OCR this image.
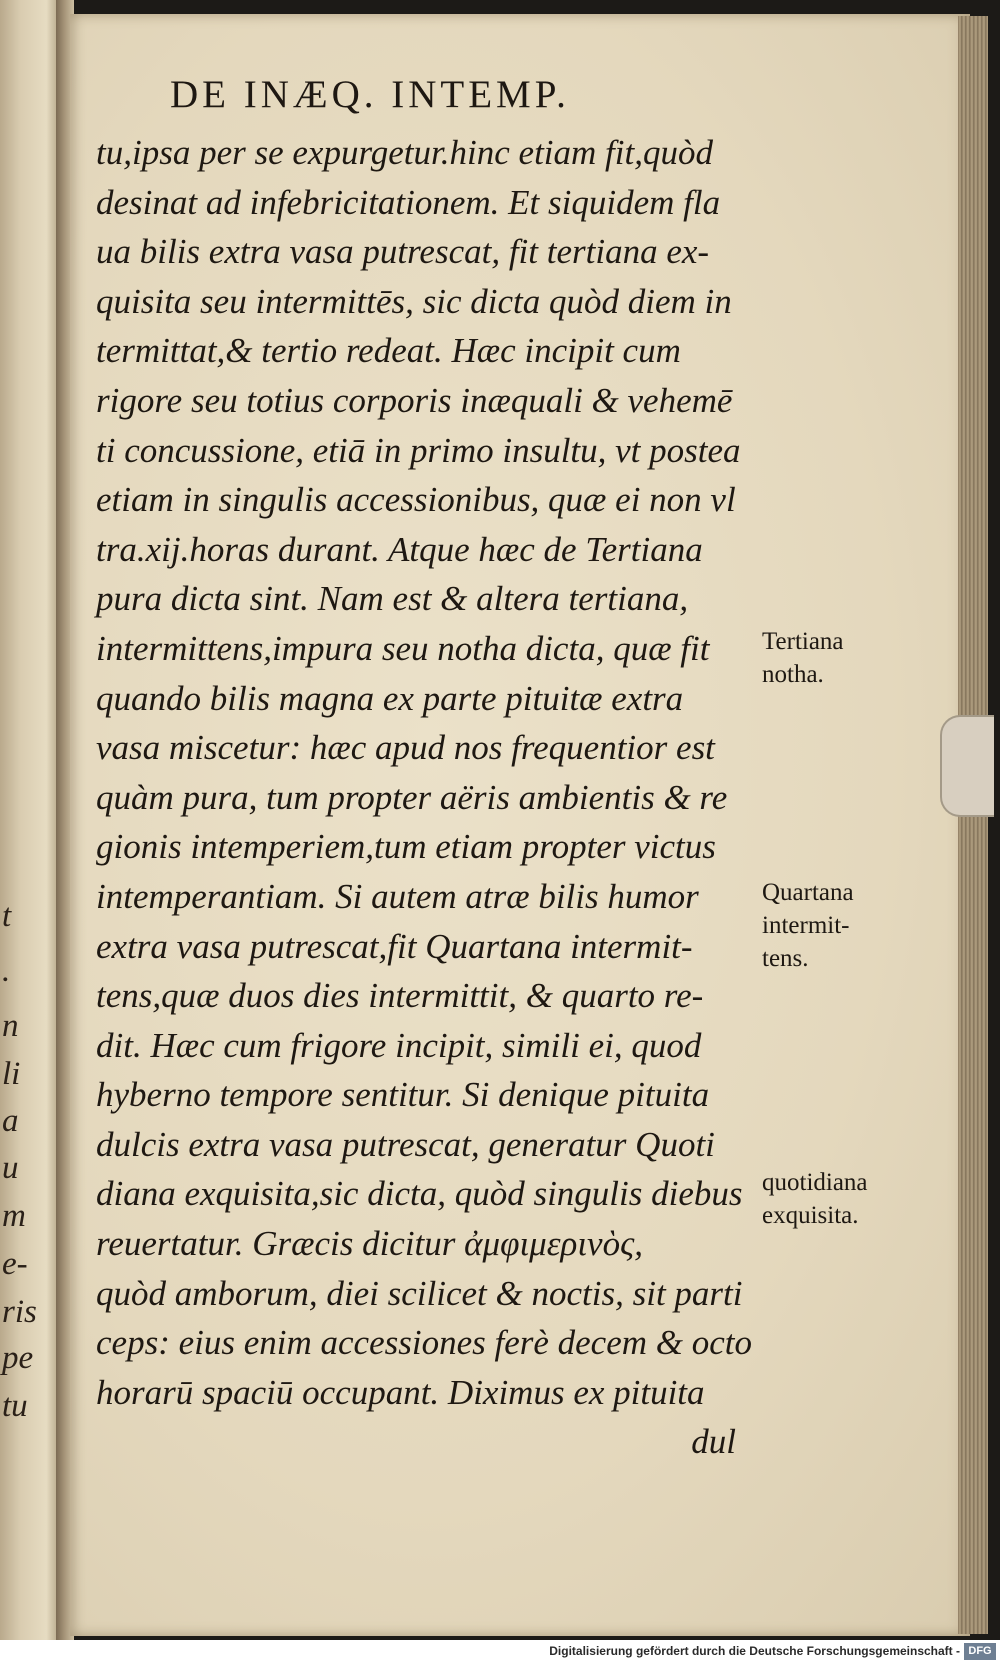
t
.
n
li
a
u
m
e-
ris
pe
tu
DE INÆQ. INTEMP.
tu,ipsa per se expurgetur.hinc etiam fit,quòd
desinat ad infebricitationem. Et siquidem fla
ua bilis extra vasa putrescat, fit tertiana ex-
quisita seu intermittēs, sic dicta quòd diem in
termittat,& tertio redeat. Hæc incipit cum
rigore seu totius corporis inæquali & vehemē
ti concussione, etiā in primo insultu, vt postea
etiam in singulis accessionibus, quæ ei non vl
tra.xij.horas durant. Atque hæc de Tertiana
pura dicta sint. Nam est & altera tertiana,
intermittens,impura seu notha dicta, quæ fit
quando bilis magna ex parte pituitæ extra
vasa miscetur: hæc apud nos frequentior est
quàm pura, tum propter aëris ambientis & re
gionis intemperiem,tum etiam propter victus
intemperantiam. Si autem atræ bilis humor
extra vasa putrescat,fit Quartana intermit-
tens,quæ duos dies intermittit, & quarto re-
dit. Hæc cum frigore incipit, simili ei, quod
hyberno tempore sentitur. Si denique pituita
dulcis extra vasa putrescat, generatur Quoti
diana exquisita,sic dicta, quòd singulis diebus
reuertatur. Græcis dicitur ἀμφιμερινὸς,
quòd amborum, diei scilicet & noctis, sit parti
ceps: eius enim accessiones ferè decem & octo
horarū spaciū occupant. Diximus ex pituita
dul
Tertiana
notha.
Quartana
intermit-
tens.
quotidiana
exquisita.
Digitalisierung gefördert durch die Deutsche Forschungsgemeinschaft - DFG
